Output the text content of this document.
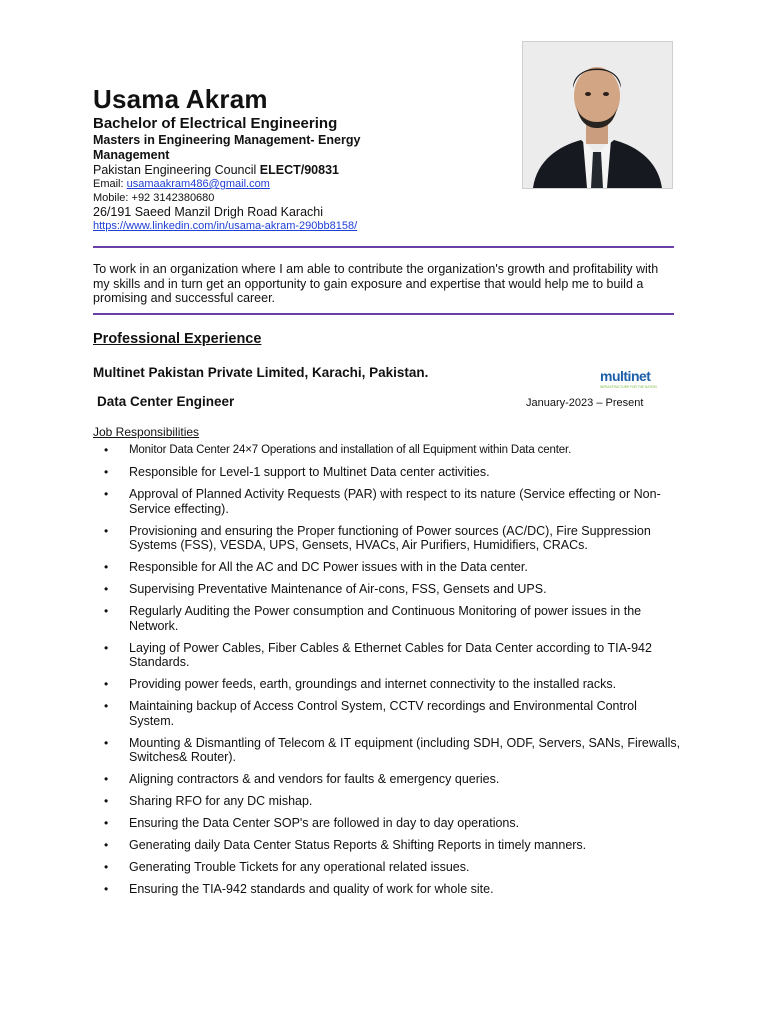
Usama Akram
Bachelor of Electrical Engineering
Masters in Engineering Management- Energy Management
Pakistan Engineering Council ELECT/90831
Email: usamaakram486@gmail.com
Mobile: +92 3142380680
26/191 Saeed Manzil Drigh Road Karachi
https://www.linkedin.com/in/usama-akram-290bb8158/
To work in an organization where I am able to contribute the organization's growth and profitability with my skills and in turn get an opportunity to gain exposure and expertise that would help me to build a promising and successful career.
Professional Experience
Multinet Pakistan Private Limited, Karachi, Pakistan.	multinet
INFRASTRUCTURE FOR THE NATION
Data Center Engineer	January-2023 – Present
Job Responsibilities
• Monitor Data Center 24×7 Operations and installation of all Equipment within Data center.
• Responsible for Level-1 support to Multinet Data center activities.
• Approval of Planned Activity Requests (PAR) with respect to its nature (Service effecting or Non-Service effecting).
• Provisioning and ensuring the Proper functioning of Power sources (AC/DC), Fire Suppression Systems (FSS), VESDA, UPS, Gensets, HVACs, Air Purifiers, Humidifiers, CRACs.
• Responsible for All the AC and DC Power issues with in the Data center.
• Supervising Preventative Maintenance of Air-cons, FSS, Gensets and UPS.
• Regularly Auditing the Power consumption and Continuous Monitoring of power issues in the Network.
• Laying of Power Cables, Fiber Cables & Ethernet Cables for Data Center according to TIA-942 Standards.
• Providing power feeds, earth, groundings and internet connectivity to the installed racks.
• Maintaining backup of Access Control System, CCTV recordings and Environmental Control System.
• Mounting & Dismantling of Telecom & IT equipment (including SDH, ODF, Servers, SANs, Firewalls, Switches& Router).
• Aligning contractors & and vendors for faults & emergency queries.
• Sharing RFO for any DC mishap.
• Ensuring the Data Center SOP's are followed in day to day operations.
• Generating daily Data Center Status Reports & Shifting Reports in timely manners.
• Generating Trouble Tickets for any operational related issues.
• Ensuring the TIA-942 standards and quality of work for whole site.
